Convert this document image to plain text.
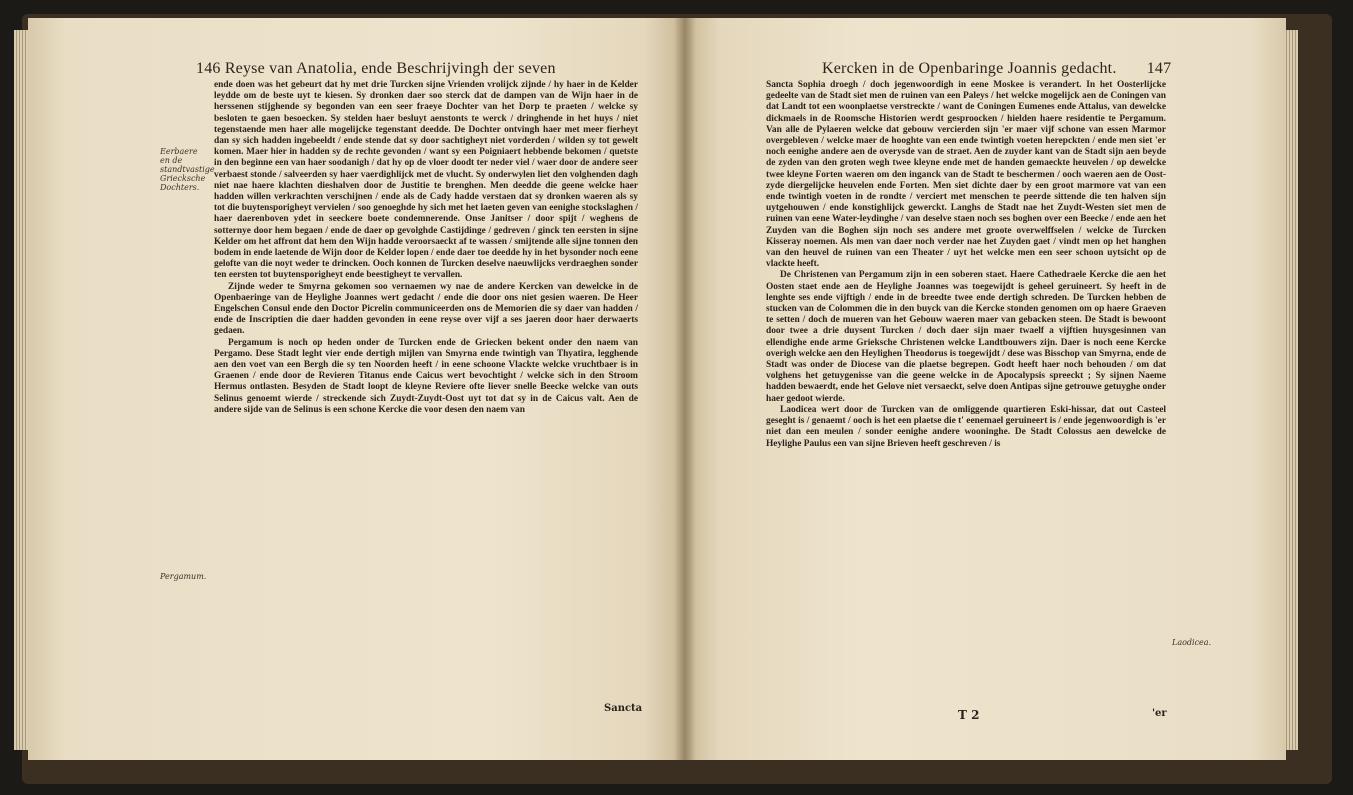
146 Reyse van Anatolia, ende Beschrijvingh der seven	Kercken in de Openbaringe Joannis gedacht. 147
Eerbaere en de standtvastige Griecksche Dochters.
Pergamum.

ende doen was het gebeurt dat hy met drie Turcken sijne Vrienden vrolijck zijnde / hy haer in de Kelder leydde om de beste uyt te kiesen. Sy dronken daer soo sterck dat de dampen van de Wijn haer in de herssenen stijghende sy begonden van een seer fraeye Dochter van het Dorp te praeten / welcke sy besloten te gaen besoecken. Sy stelden haer besluyt aenstonts te werck / dringhende in het huys / niet tegenstaende men haer alle mogelijcke tegenstant deedde. De Dochter ontvingh haer met meer fierheyt dan sy sich hadden ingebeeldt / ende stende dat sy door sachtigheyt niet vorderden / wilden sy tot gewelt komen. Maer hier in hadden sy de rechte gevonden / want sy een Poigniaert hebbende bekomen / quetste in den beginne een van haer soodanigh / dat hy op de vloer doodt ter neder viel / waer door de andere seer verbaest stonde / salveerden sy haer vaerdighlijck met de vlucht. Sy onderwylen liet den volghenden dagh niet nae haere klachten dieshalven door de Justitie te brenghen. Men deedde die geene welcke haer hadden willen verkrachten verschijnen / ende als de Cady hadde verstaen dat sy dronken waeren als sy tot die buytensporigheyt vervielen / soo genoeghde hy sich met het laeten geven van eenighe stockslaghen / haer daerenboven ydet in seeckere boete condemnerende. Onse Janitser / door spijt / weghens de sotternye door hem begaen / ende de daer op gevolghde Castijdinge / gedreven / ginck ten eersten in sijne Kelder om het affront dat hem den Wijn hadde veroorsaeckt af te wassen / smijtende alle sijne tonnen den bodem in ende laetende de Wijn door de Kelder lopen / ende daer toe deedde hy in het bysonder noch eene gelofte van die noyt weder te drincken. Ooch konnen de Turcken deselve naeuwlijcks verdraeghen sonder ten eersten tot buytensporigheyt ende beestigheyt te vervallen.

Zijnde weder te Smyrna gekomen soo vernaemen wy nae de andere Kercken van dewelcke in de Openbaeringe van de Heylighe Joannes wert gedacht / ende die door ons niet gesien waeren. De Heer Engelschen Consul ende den Doctor Picrelin communiceerden ons de Memorien die sy daer van hadden / ende de Inscriptien die daer hadden gevonden in eene reyse over vijf a ses jaeren door haer derwaerts gedaen.

Pergamum is noch op heden onder de Turcken ende de Griecken bekent onder den naem van Pergamo. Dese Stadt leght vier ende dertigh mijlen van Smyrna ende twintigh van Thyatira, legghende aen den voet van een Bergh die sy ten Noorden heeft / in eene schoone Vlackte welcke vruchtbaer is in Graenen / ende door de Revieren Titanus ende Caicus wert bevochtight / welcke sich in den Stroom Hermus ontlasten. Besyden de Stadt loopt de kleyne Reviere ofte liever snelle Beecke welcke van outs Selinus genoemt wierde / streckende sich Zuydt-Zuydt-Oost uyt tot dat sy in de Caicus valt. Aen de andere sijde van de Selinus is een schone Kercke die voor desen den naem van

Sancta

Sancta Sophia droegh / doch jegenwoordigh in eene Moskee is verandert. In het Oosterlijcke gedeelte van de Stadt siet men de ruinen van een Paleys / het welcke mogelijck aen de Coningen van dat Landt tot een woonplaetse verstreckte / want de Coningen Eumenes ende Attalus, van dewelcke dickmaels in de Roomsche Historien werdt gesproocken / hielden haere residentie te Pergamum. Van alle de Pylaeren welcke dat gebouw vercierden sijn 'er maer vijf schone van essen Marmor overgebleven / welcke maer de hooghte van een ende twintigh voeten herepckten / ende men siet 'er noch eenighe andere aen de overysde van de straet. Aen de zuyder kant van de Stadt sijn aen beyde de zyden van den groten wegh twee kleyne ende met de handen gemaeckte heuvelen / op dewelcke twee kleyne Forten waeren om den inganck van de Stadt te beschermen / ooch waeren aen de Oost-zyde diergelijcke heuvelen ende Forten. Men siet dichte daer by een groot marmore vat van een ende twintigh voeten in de rondte / verciert met menschen te peerde sittende die ten halven sijn uytgehouwen / ende konstighlijck gewerckt. Langhs de Stadt nae het Zuydt-Westen siet men de ruinen van eene Water-leydinghe / van deselve staen noch ses boghen over een Beecke / ende aen het Zuyden van die Boghen sijn noch ses andere met groote overwelffselen / welcke de Turcken Kisseray noemen. Als men van daer noch verder nae het Zuyden gaet / vindt men op het hanghen van den heuvel de ruinen van een Theater / uyt het welcke men een seer schoon uytsicht op de vlackte heeft.

De Christenen van Pergamum zijn in een soberen staet. Haere Cathedraele Kercke die aen het Oosten staet ende aen de Heylighe Joannes was toegewijdt is geheel geruineert. Sy heeft in de lenghte ses ende vijftigh / ende in de breedte twee ende dertigh schreden. De Turcken hebben de stucken van de Colommen die in den buyck van die Kercke stonden genomen om op haere Graeven te setten / doch de mueren van het Gebouw waeren maer van gebacken steen. De Stadt is bewoont door twee a drie duysent Turcken / doch daer sijn maer twaelf a vijftien huysgesinnen van ellendighe ende arme Grieksche Christenen welcke Landtbouwers zijn. Daer is noch eene Kercke overigh welcke aen den Heylighen Theodorus is toegewijdt / dese was Bisschop van Smyrna, ende de Stadt was onder de Diocese van die plaetse begrepen. Godt heeft haer noch behouden / om dat volghens het getuygenisse van die geene welcke in de Apocalypsis spreeckt ; Sy sijnen Naeme hadden bewaerdt, ende het Gelove niet versaeckt, selve doen Antipas sijne getrouwe getuyghe onder haer gedoot wierde.

Laodicea wert door de Turcken van de omliggende quartieren Eski-hissar, dat out Casteel geseght is / genaemt / ooch is het een plaetse die t' eenemael geruineert is / ende jegenwoordigh is 'er niet dan een meulen / sonder eenighe andere wooninghe. De Stadt Colossus aen dewelcke de Heylighe Paulus een van sijne Brieven heeft geschreven / is

Laodicea.
T 2	'er
